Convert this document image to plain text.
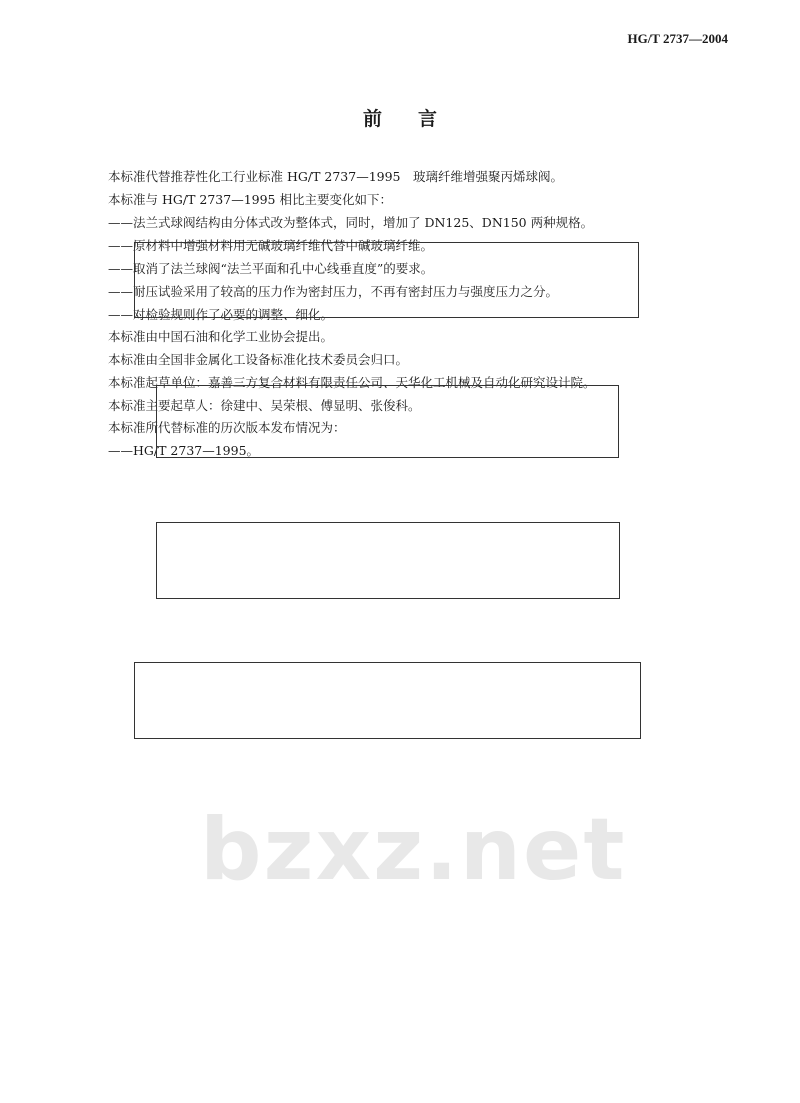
HG/T 2737—2004
前言
bzxz.net
本标准代替推荐性化工行业标准 HG/T 2737—1995　玻璃纤维增强聚丙烯球阀。
本标准与 HG/T 2737—1995 相比主要变化如下：
——法兰式球阀结构由分体式改为整体式，同时，增加了 DN125、DN150 两种规格。
——原材料中增强材料用无碱玻璃纤维代替中碱玻璃纤维。
——取消了法兰球阀“法兰平面和孔中心线垂直度”的要求。
——耐压试验采用了较高的压力作为密封压力，不再有密封压力与强度压力之分。
——对检验规则作了必要的调整、细化。
本标准由中国石油和化学工业协会提出。
本标准由全国非金属化工设备标准化技术委员会归口。
本标准起草单位：嘉善三方复合材料有限责任公司、天华化工机械及自动化研究设计院。
本标准主要起草人：徐建中、吴荣根、傅显明、张俊科。
本标准所代替标准的历次版本发布情况为：
——HG/T 2737—1995。
